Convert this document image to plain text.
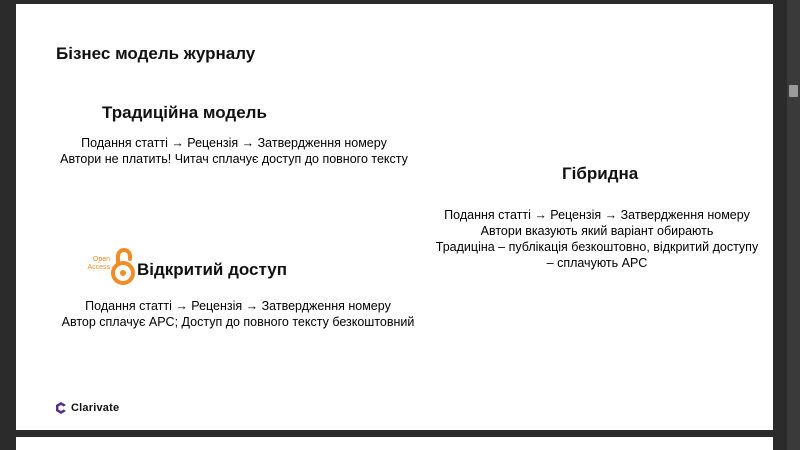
Бізнес модель журналу
Традиційна модель
Подання статті → Рецензія → Затвердження номеру
Автори не платить! Читач сплачує доступ до повного тексту
Гібридна
Подання статті → Рецензія → Затвердження номеру
Автори вказують який варіант обирають
Традиціна – публікація безкоштовно, відкритий доступу
– сплачують APC
Open
Access Відкритий доступ
Подання статті → Рецензія → Затвердження номеру
Автор сплачує APC; Доступ до повного тексту безкоштовний
Clarivate
